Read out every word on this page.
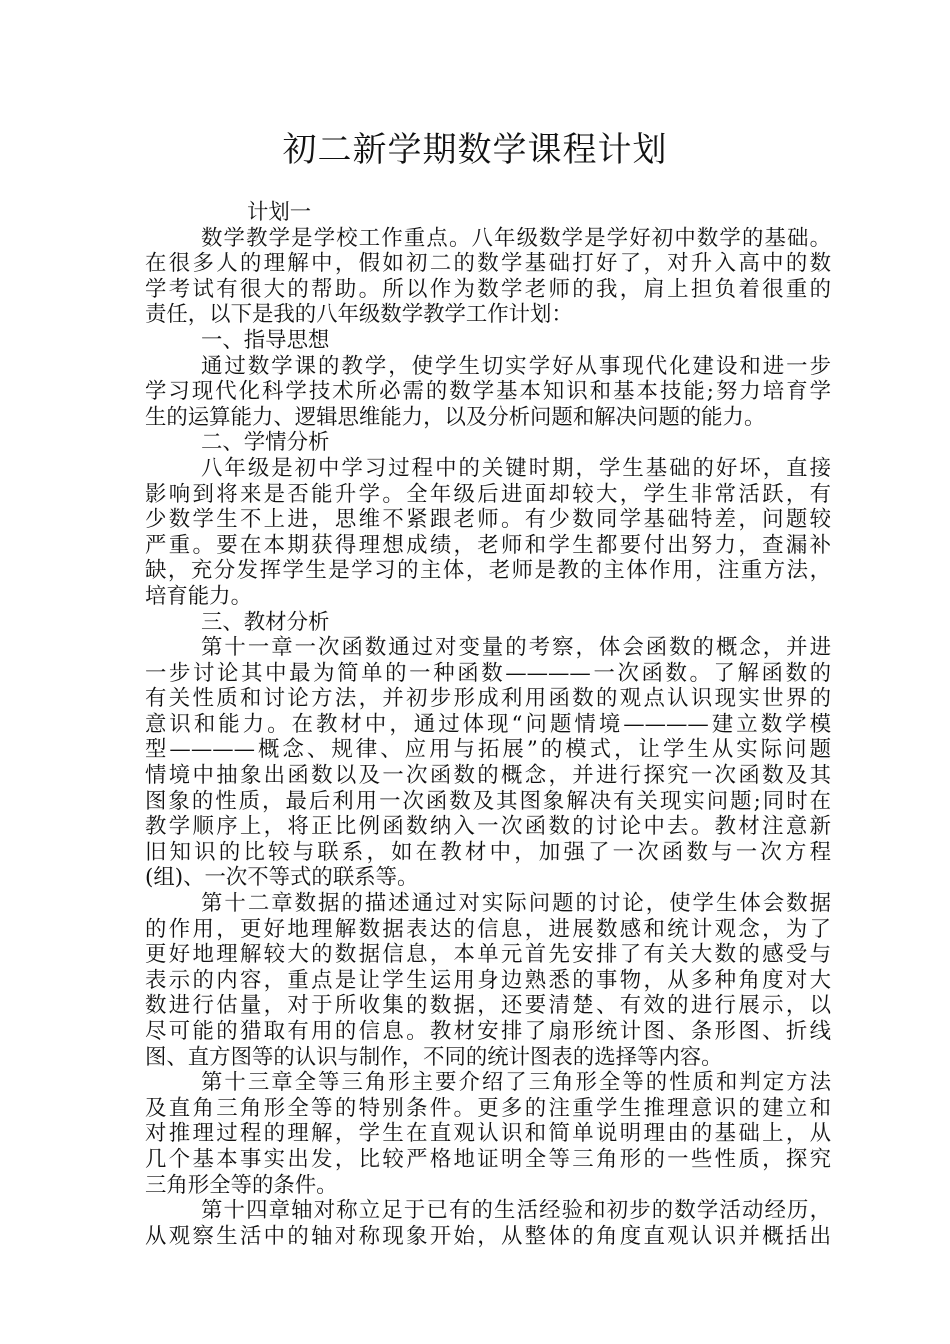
初二新学期数学课程计划
计划一
数学教学是学校工作重点。八年级数学是学好初中数学的基础。
在很多人的理解中，假如初二的数学基础打好了，对升入高中的数
学考试有很大的帮助。所以作为数学老师的我，肩上担负着很重的
责任，以下是我的八年级数学教学工作计划：
一、指导思想
通过数学课的教学，使学生切实学好从事现代化建设和进一步
学习现代化科学技术所必需的数学基本知识和基本技能;努力培育学
生的运算能力、逻辑思维能力，以及分析问题和解决问题的能力。
二、学情分析
八年级是初中学习过程中的关键时期，学生基础的好坏，直接
影响到将来是否能升学。全年级后进面却较大，学生非常活跃，有
少数学生不上进，思维不紧跟老师。有少数同学基础特差，问题较
严重。要在本期获得理想成绩，老师和学生都要付出努力，查漏补
缺，充分发挥学生是学习的主体，老师是教的主体作用，注重方法，
培育能力。
三、教材分析
第十一章一次函数通过对变量的考察，体会函数的概念，并进
一步讨论其中最为简单的一种函数————一次函数。了解函数的
有关性质和讨论方法，并初步形成利用函数的观点认识现实世界的
意识和能力。在教材中，通过体现“问题情境————建立数学模
型————概念、规律、应用与拓展”的模式，让学生从实际问题
情境中抽象出函数以及一次函数的概念，并进行探究一次函数及其
图象的性质，最后利用一次函数及其图象解决有关现实问题;同时在
教学顺序上，将正比例函数纳入一次函数的讨论中去。教材注意新
旧知识的比较与联系，如在教材中，加强了一次函数与一次方程
(组)、一次不等式的联系等。
第十二章数据的描述通过对实际问题的讨论，使学生体会数据
的作用，更好地理解数据表达的信息，进展数感和统计观念，为了
更好地理解较大的数据信息，本单元首先安排了有关大数的感受与
表示的内容，重点是让学生运用身边熟悉的事物，从多种角度对大
数进行估量，对于所收集的数据，还要清楚、有效的进行展示，以
尽可能的猎取有用的信息。教材安排了扇形统计图、条形图、折线
图、直方图等的认识与制作，不同的统计图表的选择等内容。
第十三章全等三角形主要介绍了三角形全等的性质和判定方法
及直角三角形全等的特别条件。更多的注重学生推理意识的建立和
对推理过程的理解，学生在直观认识和简单说明理由的基础上，从
几个基本事实出发，比较严格地证明全等三角形的一些性质，探究
三角形全等的条件。
第十四章轴对称立足于已有的生活经验和初步的数学活动经历，
从观察生活中的轴对称现象开始，从整体的角度直观认识并概括出
